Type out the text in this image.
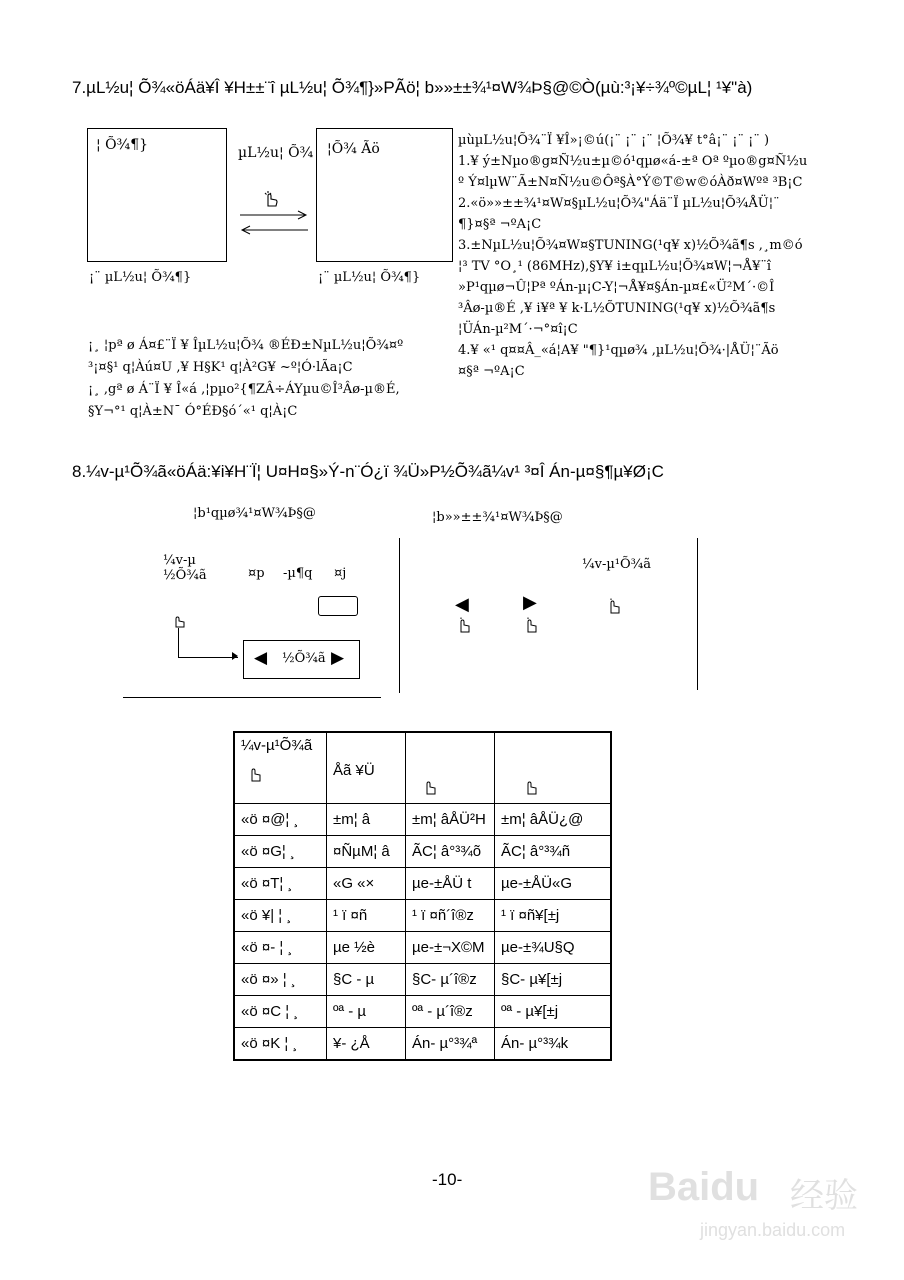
7.µL½u¦ Õ¾«öÁä¥Î ¥H±±¨î µL½u¦ Õ¾¶}»PÃö¦ b»»±±¾¹¤W¾Þ§@©Ò(µù:³¡¥÷¾º©µL¦ ¹¥"à)
¦ Õ¾¶}
¡¨ µL½u¦ Õ¾¶}
µL½u¦ Õ¾ ¦Õ¾ Ãö
¡¨ µL½u¦ Õ¾¶}
µùµL½u¦Õ¾¨Ï ¥Î»¡©ú(¡¨ ¡¨ ¡¨ ¦Õ¾¥ t°â¡¨ ¡¨ ¡¨ )
1.¥ ý±Nµo®g¤Ñ½u±µ©ó¹qµø«á-±ª Oª ºµo®g¤Ñ½u
º Ý¤lµW¨Ã±N¤Ñ½u©Ôª§À°Ý©T©w©óÀð¤Wºª ³B¡C
2.«ö»»±±¾¹¤W¤§µL½u¦Õ¾"Áä¨Ï µL½u¦Õ¾ÅÜ¦¨
¶}¤§ª ¬ºA¡C
3.±NµL½u¦Õ¾¤W¤§TUNING(¹q¥ x)½Õ¾ã¶s ,¸m©ó
¦³ TV °O¸¹ (86MHz),§Y¥ i±qµL½u¦Õ¾¤W¦¬Å¥¨î
»P¹qµø¬Û¦Pª ºÁn-µ¡C-Y¦¬Å¥¤§Án-µ¤£«Ü²M´·©Î
³Âø-µ®É ,¥ i¥ª ¥ k·L½ÕTUNING(¹q¥ x)½Õ¾ã¶s
¦ÜÁn-µ²M´·¬°¤î¡C
4.¥ «¹ q¤¤Â_«á¦A¥ "¶}¹qµø¾ ,µL½u¦Õ¾·|ÅÜ¦¨Ãö
¤§ª ¬ºA¡C
¡¸ ¦pª ø Á¤£¨Ï ¥ ÎµL½u¦Õ¾ ®ÉÐ±NµL½u¦Õ¾¤º
³¡¤§¹ q¦Àú¤U ,¥ H§K¹ q¦À²G¥ ~º¦Ó·lÃa¡C
¡¸ ,gª ø Á¨Ï ¥ Î«á ,¦pµo²{¶ZÂ÷ÁYµu©Î³Âø-µ®É,
§Y¬°¹ q¦À±N¯ Ó°ÉÐ§ó´«¹ q¦À¡C
8.¼v-µ¹Õ¾ã«öÁä:¥i¥H¨Ï¦ U¤H¤§»Ý-n¨Ó¿ï ¾Ü»P½Õ¾ã¼v¹ ³¤Î Án-µ¤§¶µ¥Ø¡C
¦b¹qµø¾¹¤W¾Þ§@	¦b»»±±¾¹¤W¾Þ§@
¼v-µ
½Õ¾ã	¤p -µ¶q ¤j
◀ ½Õ¾ã ▶
¼v-µ¹Õ¾ã
◀	▶
¼v-µ¹Õ¾ã	Åã ¥Ü		
«ö ¤@¦ ¸	±m¦ â	±m¦ âÅÜ²H	±m¦ âÅÜ¿@
«ö ¤G¦ ¸	¤ÑµM¦ â	ÃC¦ â°³¾õ	ÃC¦ â°³¾ñ
«ö ¤T¦ ¸	«G «×	µe-±ÅÜ t	µe-±ÅÜ«G
«ö ¥| ¦ ¸	¹ ï ¤ñ	¹ ï ¤ñ´î®z	¹ ï ¤ñ¥[±j
«ö ¤- ¦ ¸	µe ½è	µe-±¬X©M	µe-±¾U§Q
«ö ¤» ¦ ¸	§C - µ	§C- µ´î®z	§C- µ¥[±j
«ö ¤C ¦ ¸	ºª - µ	ºª - µ´î®z	ºª - µ¥[±j
«ö ¤K ¦ ¸	¥- ¿Å	Án- µ°³¾ª	Án- µ°³¾k
-10-	Baidu 经验
jingyan.baidu.com
